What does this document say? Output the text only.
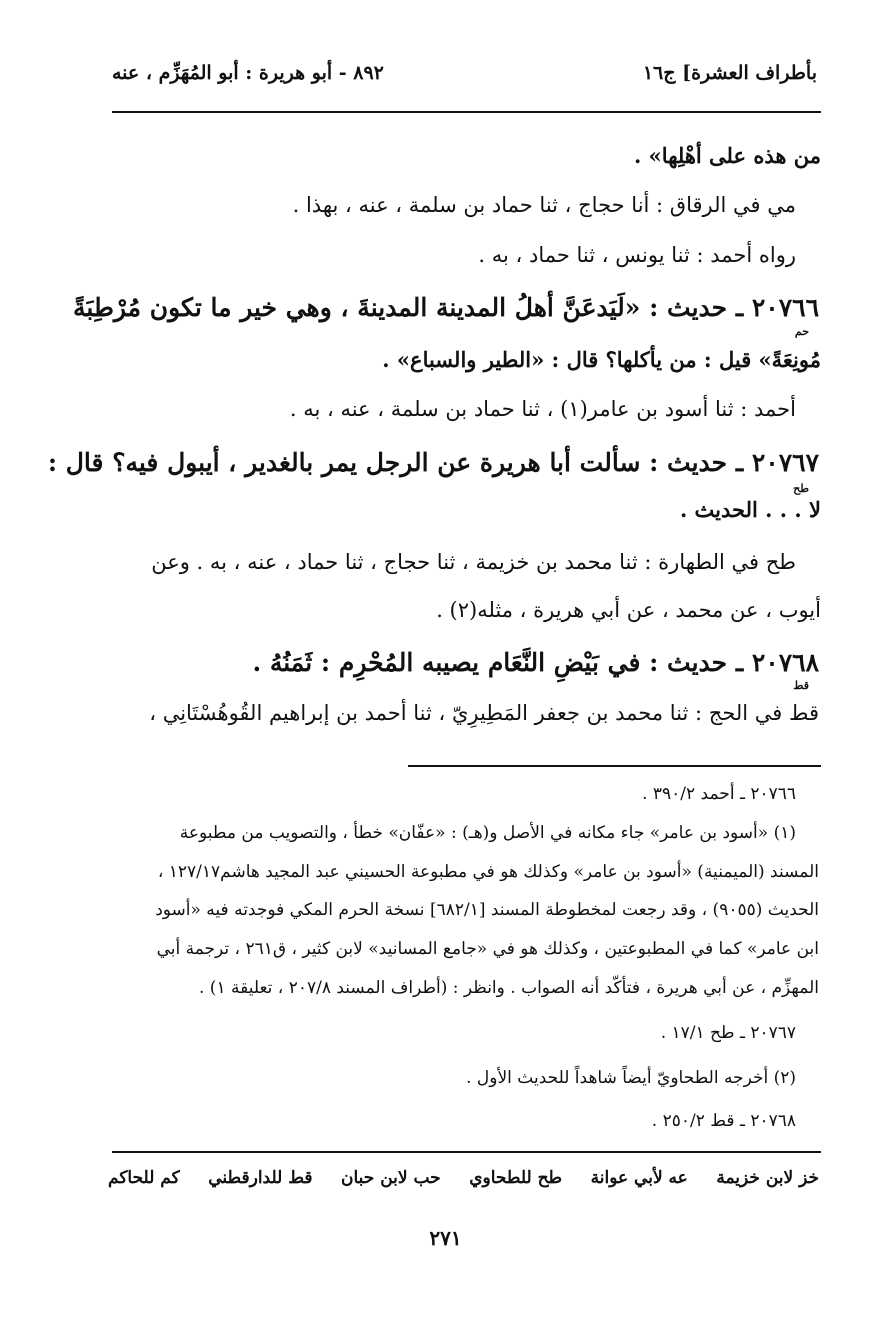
بأطراف العشرة] ج١٦
٨٩٢ - أبو هريرة : أبو المُهَزِّم ، عنه
من هذه على أهْلِها» .
مي في الرقاق : أنا حجاج ، ثنا حماد بن سلمة ، عنه ، بهذا .
رواه أحمد : ثنا يونس ، ثنا حماد ، به .
٢٠٧٦٦ ـ حديث : «لَيَدعَنَّ أهلُ المدينة المدينةَ ، وهي خير ما تكون مُرْطِبَةً
حم
مُونِعَةً» قيل : من يأكلها؟ قال : «الطير والسباع» .
أحمد : ثنا أسود بن عامر(١) ، ثنا حماد بن سلمة ، عنه ، به .
٢٠٧٦٧ ـ حديث : سألت أبا هريرة عن الرجل يمر بالغدير ، أيبول فيه؟ قال :
طح
لا . . . الحديث .
طح في الطهارة : ثنا محمد بن خزيمة ، ثنا حجاج ، ثنا حماد ، عنه ، به . وعن
أيوب ، عن محمد ، عن أبي هريرة ، مثله(٢) .
٢٠٧٦٨ ـ حديث : في بَيْضِ النَّعَام يصيبه المُحْرِم : ثَمَنُهُ .
قط
قط في الحج : ثنا محمد بن جعفر المَطِيرِيّ ، ثنا أحمد بن إبراهيم القُوهُسْتَانِي ،
٢٠٧٦٦ ـ أحمد ٣٩٠/٢ .
(١) «أسود بن عامر» جاء مكانه في الأصل و(هـ) : «عفّان» خطأ ، والتصويب من مطبوعة
المسند (الميمنية) «أسود بن عامر» وكذلك هو في مطبوعة الحسيني عبد المجيد هاشم١٢٧/١٧ ،
الحديث (٩٠٥٥) ، وقد رجعت لمخطوطة المسند [٦٨٢/١] نسخة الحرم المكي فوجدته فيه «أسود
ابن عامر» كما في المطبوعتين ، وكذلك هو في «جامع المسانيد» لابن كثير ، ق٢٦١ ، ترجمة أبي
المهزِّم ، عن أبي هريرة ، فتأكّد أنه الصواب . وانظر : (أطراف المسند ٢٠٧/٨ ، تعليقة ١) .
٢٠٧٦٧ ـ طح ١٧/١ .
(٢) أخرجه الطحاويّ أيضاً شاهداً للحديث الأول .
٢٠٧٦٨ ـ قط ٢٥٠/٢ .
خز لابن خزيمة
عه لأبي عوانة
طح للطحاوي
حب لابن حبان
قط للدارقطني
كم للحاكم
٢٧١
